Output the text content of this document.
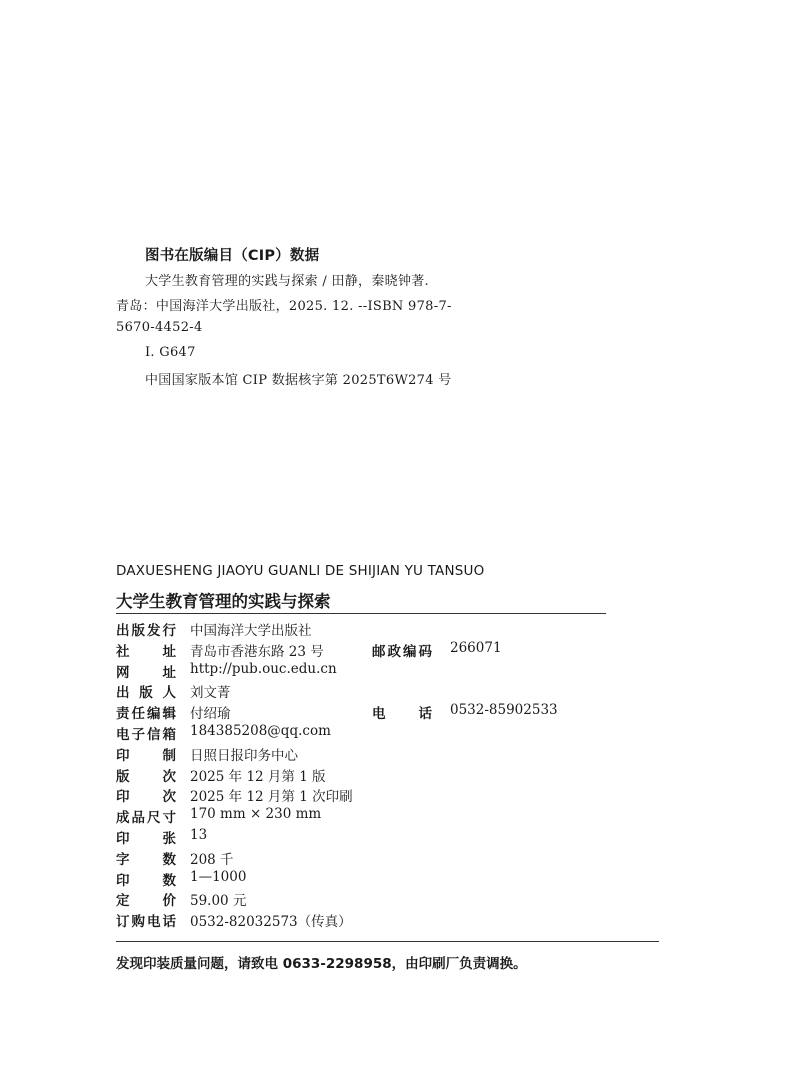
图书在版编目（CIP）数据
大学生教育管理的实践与探索 / 田静，秦晓钟著.
青岛：中国海洋大学出版社，2025. 12. --ISBN 978-7-
5670-4452-4
Ⅰ. G647
中国国家版本馆 CIP 数据核字第 2025T6W274 号
DAXUESHENG JIAOYU GUANLI DE SHIJIAN YU TANSUO
大学生教育管理的实践与探索
出 版 发 行 中国海洋大学出版社
社 址 青岛市香港东路 23 号	邮 政 编 码 266071
网 址 http://pub.ouc.edu.cn
出 版 人 刘文菁
责 任 编 辑 付绍瑜	电 话 0532-85902533
电 子 信 箱 184385208@qq.com
印 制 日照日报印务中心
版 次 2025 年 12 月第 1 版
印 次 2025 年 12 月第 1 次印刷
成 品 尺 寸 170 mm × 230 mm
印 张 13
字 数 208 千
印 数 1—1000
定 价 59.00 元
订 购 电 话 0532-82032573（传真）
发现印装质量问题，请致电 0633-2298958，由印刷厂负责调换。
